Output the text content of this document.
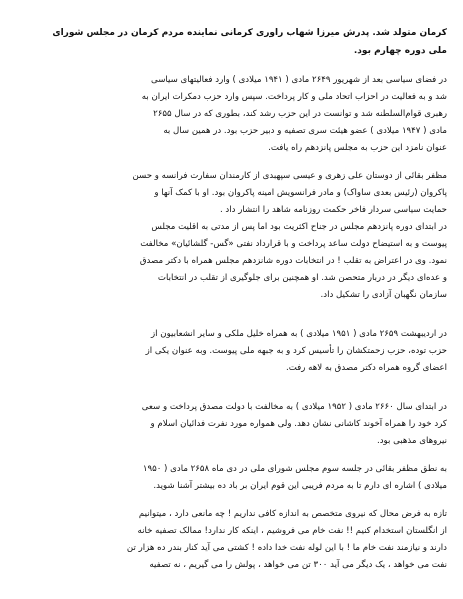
کرمان متولد شد. پدرش میرزا شهاب راوری کرمانی نماینده مردم کرمان در مجلس شورای
ملی دوره چهارم بود.

در فضای سیاسی بعد از شهریور ۲۶۴۹ مادی ( ۱۹۴۱ میلادی ) وارد فعالیتهای سیاسی
شد و به فعالیت در احزاب اتحاد ملی و کار پرداخت. سپس وارد حزب دمکرات ایران به
رهبری قوام‌السلطنه شد و توانست در این حزب رشد کند، بطوری که در سال ۲۶۵۵
مادی ( ۱۹۴۷ میلادی ) عضو هیئت سری تصفیه و دبیر حزب بود. در همین سال به
عنوان نامزد این حزب به مجلس پانزدهم راه یافت.

مظفر بقائی از دوستان علی زهری و عیسی سپهبدی از کارمندان سفارت فرانسه و حسن
پاکروان (رئیس بعدی ساواک) و مادر فرانسویش امینه پاکروان بود. او با کمک آنها و
حمایت سیاسی سردار فاخر حکمت روزنامه شاهد را انتشار داد .

در ابتدای دوره پانزدهم مجلس در جناح اکثریت بود اما پس از مدتی به اقلیت مجلس
پیوست و به استیضاح دولت ساعد پرداخت و با قرارداد نفتی «گس- گلشائیان» مخالفت
نمود. وی در اعتراض به تقلب ! در انتخابات دوره شانزدهم مجلس همراه با دکتر مصدق
و عده‌ای دیگر در دربار متحصن شد. او همچنین برای جلوگیری از تقلب در انتخابات
سازمان نگهبان آزادی را تشکیل داد.

در اردیبهشت ۲۶۵۹ مادی ( ۱۹۵۱ میلادی ) به همراه خلیل ملکی و سایر انشعابیون از
حزب توده، حزب زحمتکشان را تأسیس کرد و به جبهه ملی پیوست. وبه عنوان یکی از
اعضای گروه همراه دکتر مصدق به لاهه رفت.

در ابتدای سال ۲۶۶۰ مادی ( ۱۹۵۲ میلادی ) به مخالفت با دولت مصدق پرداخت و سعی
کرد خود را همراه آخوند کاشانی نشان دهد. ولی همواره مورد نفرت فدائیان اسلام و
نیروهای مذهبی بود.

به نطق مظفر بقائی در جلسه سوم مجلس شورای ملی در دی ماه ۲۶۵۸ مادی ( ۱۹۵۰
میلادی ) اشاره ای دارم تا به مردم فریبی این قوم ایران بر باد ده بیشتر آشنا شوید.

تازه به فرض محال که نیروی متخصص به اندازه کافی نداریم ! چه مانعی دارد ، میتوانیم
از انگلستان استخدام کنیم !! نفت خام می فروشیم ، اینکه کار ندارد! ممالک تصفیه خانه
دارند و نیازمند نفت خام ما ! با این لوله نفت خدا داده ! کشتی می آید کنار بندر ده هزار تن
نفت می خواهد ، یک دیگر می آید ۳۰۰ تن می خواهد ، پولش را می گیریم ، نه تصفیه
